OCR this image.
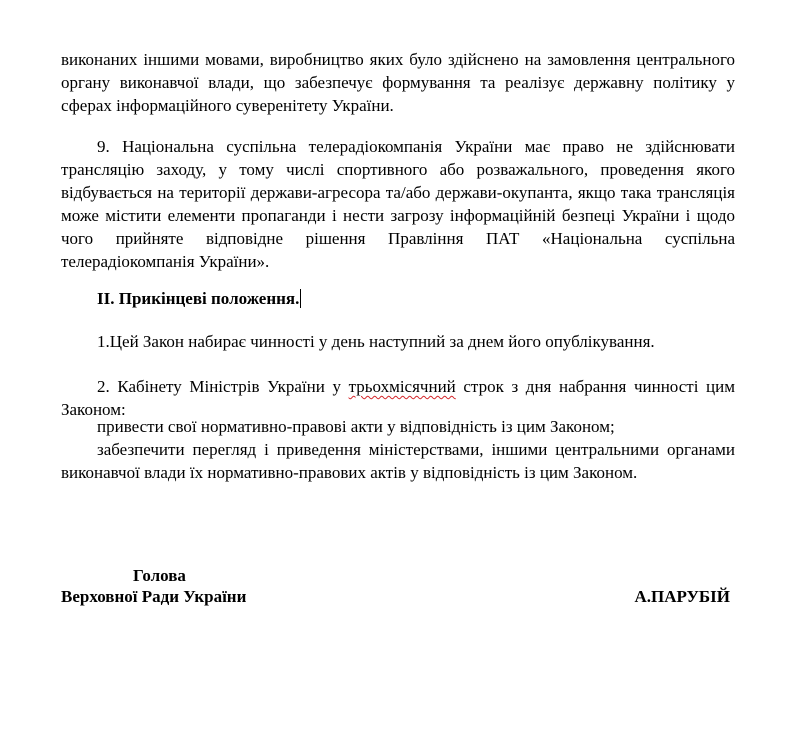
виконаних іншими мовами, виробництво яких було здійснено на замовлення центрального органу виконавчої влади, що забезпечує формування та реалізує державну політику у сферах інформаційного суверенітету України.

9. Національна суспільна телерадіокомпанія України має право не здійснювати трансляцію заходу, у тому числі спортивного або розважального, проведення якого відбувається на території держави-агресора та/або держави-окупанта, якщо така трансляція може містити елементи пропаганди і нести загрозу інформаційній безпеці України і щодо чого прийняте відповідне рішення Правління ПАТ «Національна суспільна телерадіокомпанія України».

ІІ. Прикінцеві положення.

1.Цей Закон набирає чинності у день наступний за днем його опублікування.

2. Кабінету Міністрів України у трьохмісячний строк з дня набрання чинності цим Законом:

привести свої нормативно-правові акти у відповідність із цим Законом;

забезпечити перегляд і приведення міністерствами, іншими центральними органами виконавчої влади їх нормативно-правових актів у відповідність із цим Законом.

Голова
Верховної Ради України	А.ПАРУБІЙ
